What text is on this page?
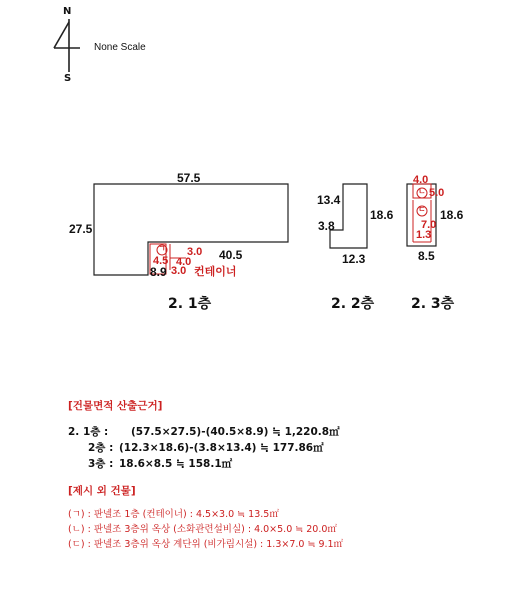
N
S
None Scale
57.5
27.5
40.5
8.9
3.0
4.5 4.0
3.0
ㄱ
컨테이너
13.4
3.8
18.6
12.3
4.0
ㄴ 5.0
ㄷ
7.0
1.3
18.6
8.5
2. 1층	2. 2층	2. 3층
[건물면적 산출근거]
2. 1층 : (57.5×27.5)-(40.5×8.9) ≒ 1,220.8㎡
2층 : (12.3×18.6)-(3.8×13.4) ≒ 177.86㎡
3층 : 18.6×8.5 ≒ 158.1㎡
[제시 외 건물]
(ㄱ) : 판넬조 1층 (컨테이너) : 4.5×3.0 ≒ 13.5㎡
(ㄴ) : 판넬조 3층위 옥상 (소화관련설비실) : 4.0×5.0 ≒ 20.0㎡
(ㄷ) : 판넬조 3층위 옥상 계단위 (비가림시설) : 1.3×7.0 ≒ 9.1㎡
